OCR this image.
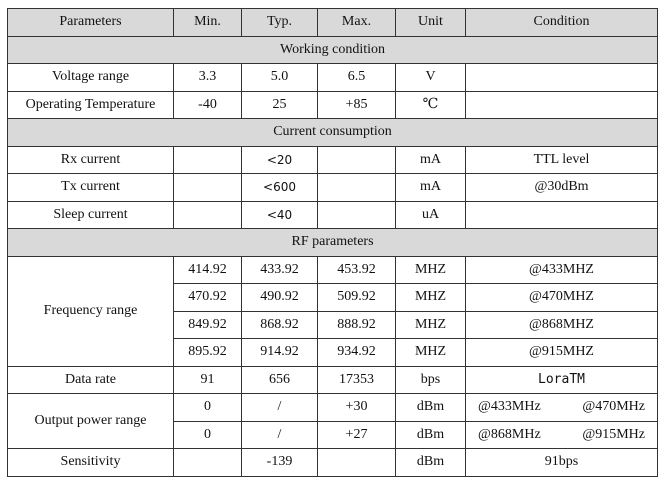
Parameters	Min.	Typ.	Max.	Unit	Condition
Working condition					
Voltage range	3.3	5.0	6.5	V	
Operating Temperature	-40	25	+85	℃	
Current consumption					
Rx current		<20		mA	TTL level
Tx current		<600		mA	@30dBm
Sleep current		<40		uA	
RF parameters					
Frequency range	414.92	433.92	453.92	MHZ	@433MHZ
	470.92	490.92	509.92	MHZ	@470MHZ
	849.92	868.92	888.92	MHZ	@868MHZ
	895.92	914.92	934.92	MHZ	@915MHZ
Data rate	91	656	17353	bps	LoraTM
Output power range	0	/	+30	dBm	@433MHz @470MHz

	0	/	+27	dBm	@868MHz @915MHz

Sensitivity		-139		dBm	91bps
